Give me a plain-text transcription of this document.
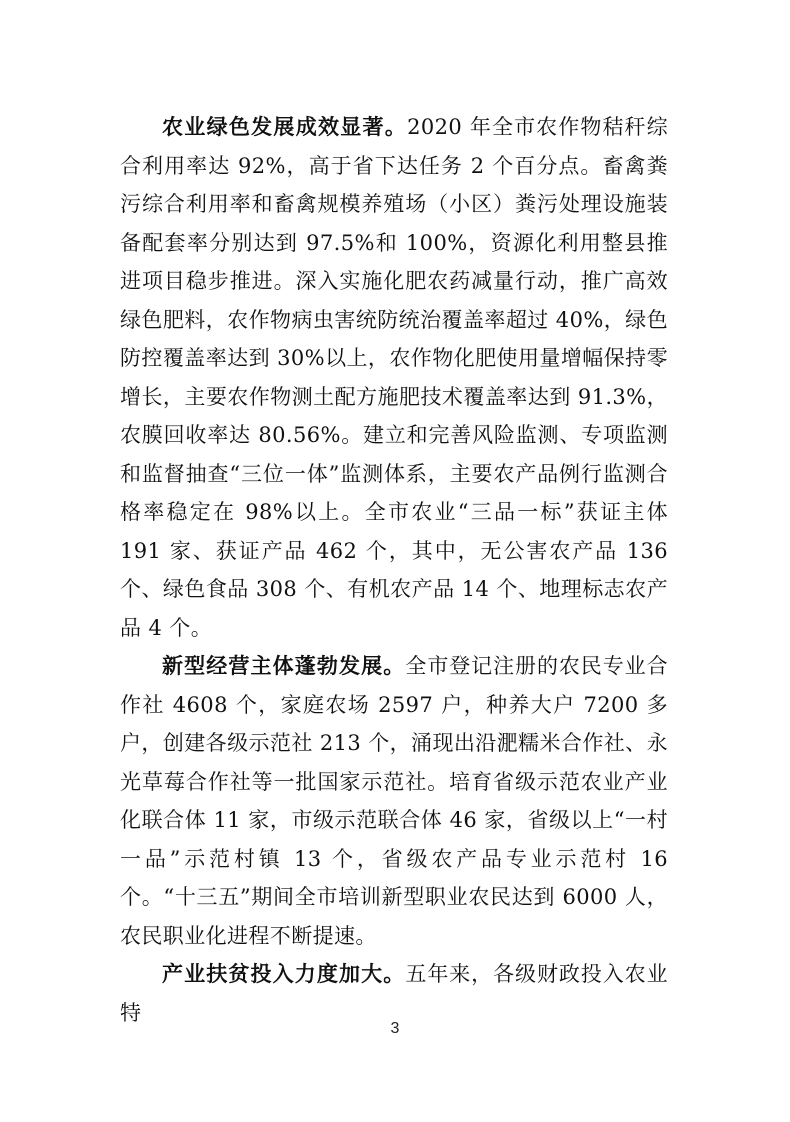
农业绿色发展成效显著。2020 年全市农作物秸秆综合利用率达 92%，高于省下达任务 2 个百分点。畜禽粪污综合利用率和畜禽规模养殖场（小区）粪污处理设施装备配套率分别达到 97.5%和 100%，资源化利用整县推进项目稳步推进。深入实施化肥农药减量行动，推广高效绿色肥料，农作物病虫害统防统治覆盖率超过 40%，绿色防控覆盖率达到 30%以上，农作物化肥使用量增幅保持零增长，主要农作物测土配方施肥技术覆盖率达到 91.3%，农膜回收率达 80.56%。建立和完善风险监测、专项监测和监督抽查“三位一体”监测体系，主要农产品例行监测合格率稳定在 98%以上。全市农业“三品一标”获证主体 191 家、获证产品 462 个，其中，无公害农产品 136 个、绿色食品 308 个、有机农产品 14 个、地理标志农产品 4 个。

新型经营主体蓬勃发展。全市登记注册的农民专业合作社 4608 个，家庭农场 2597 户，种养大户 7200 多户，创建各级示范社 213 个，涌现出沿淝糯米合作社、永光草莓合作社等一批国家示范社。培育省级示范农业产业化联合体 11 家，市级示范联合体 46 家，省级以上“一村一品”示范村镇 13 个，省级农产品专业示范村 16 个。“十三五”期间全市培训新型职业农民达到 6000 人，农民职业化进程不断提速。

产业扶贫投入力度加大。五年来，各级财政投入农业特

3
